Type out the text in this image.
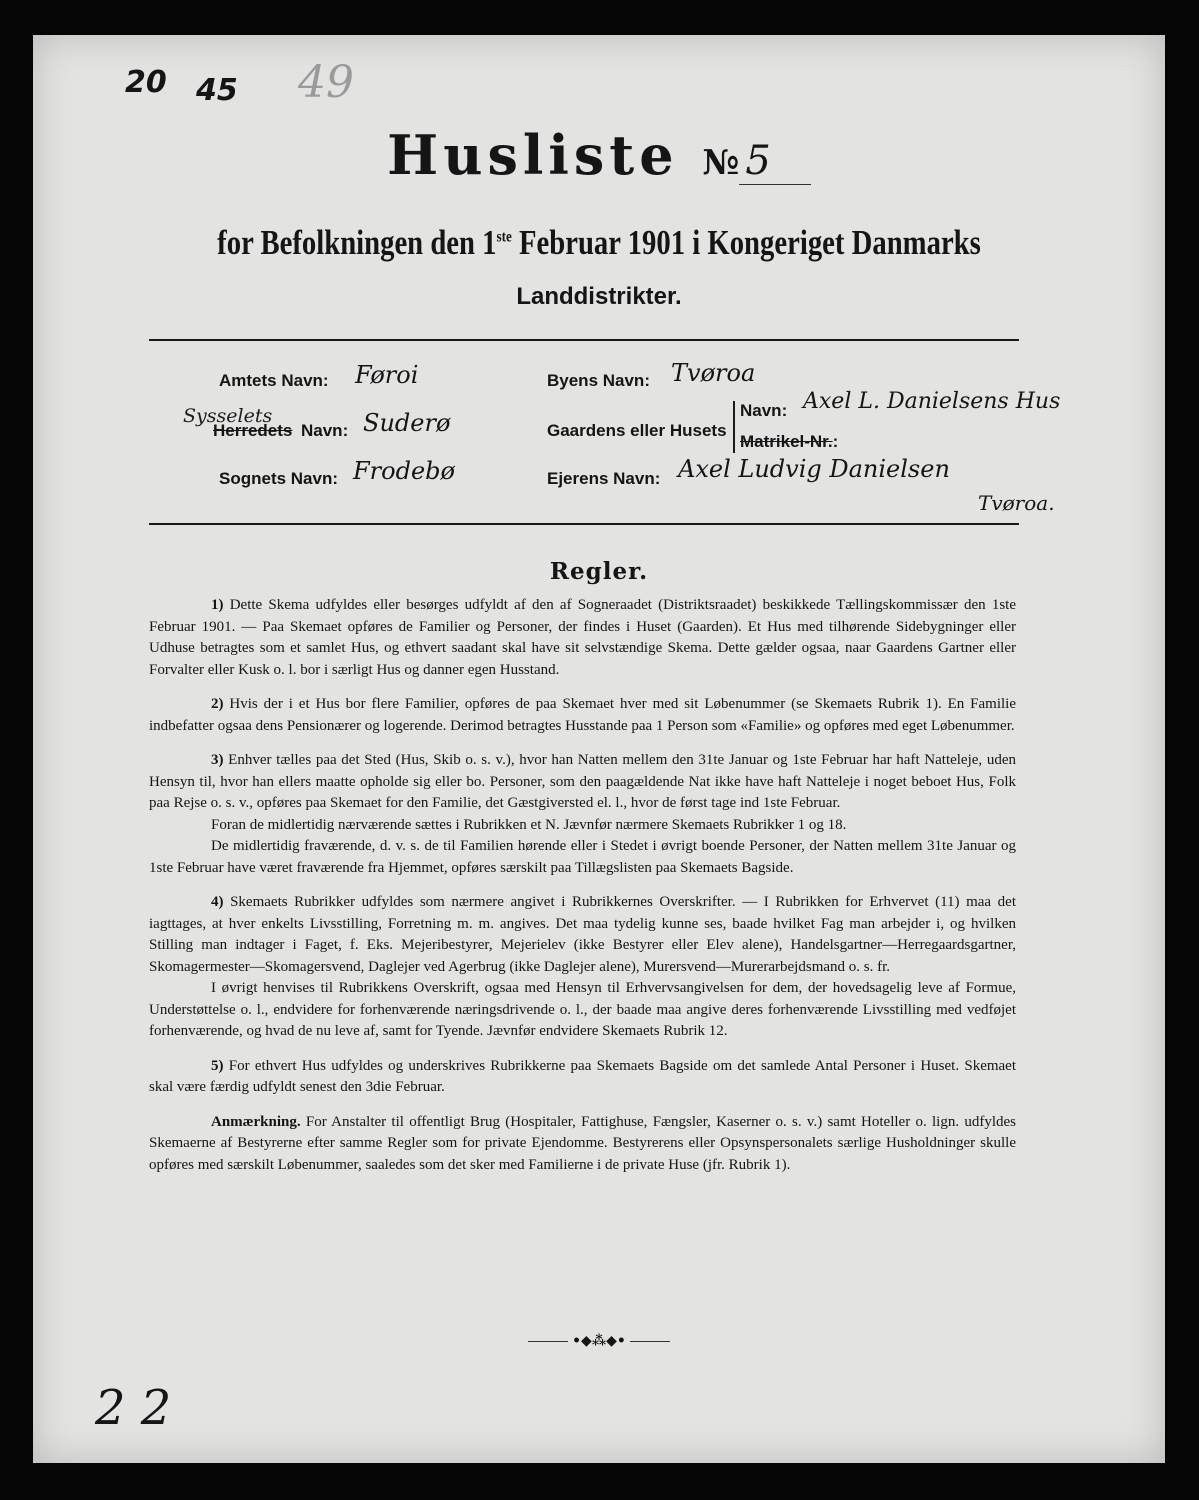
20 45 49
Husliste № 5
for Befolkningen den 1ste Februar 1901 i Kongeriget Danmarks
Landdistrikter.
Amtets Navn: Føroi
Sysselets
Herredets Navn: Suderø
Sognets Navn: Frodebø
Byens Navn: Tvøroa
Gaardens eller Husets
Navn: Axel L. Danielsens Hus
Matrikel-Nr.:
Ejerens Navn: Axel Ludvig Danielsen
Tvøroa.
Regler.

1) Dette Skema udfyldes eller besørges udfyldt af den af Sogneraadet (Distriktsraadet) beskikkede Tællingskommissær den 1ste Februar 1901. — Paa Skemaet opføres de Familier og Personer, der findes i Huset (Gaarden). Et Hus med tilhørende Sidebygninger eller Udhuse betragtes som et samlet Hus, og ethvert saadant skal have sit selvstændige Skema. Dette gælder ogsaa, naar Gaardens Gartner eller Forvalter eller Kusk o. l. bor i særligt Hus og danner egen Husstand.

2) Hvis der i et Hus bor flere Familier, opføres de paa Skemaet hver med sit Løbenummer (se Skemaets Rubrik 1). En Familie indbefatter ogsaa dens Pensionærer og logerende. Derimod betragtes Husstande paa 1 Person som «Familie» og opføres med eget Løbenummer.

3) Enhver tælles paa det Sted (Hus, Skib o. s. v.), hvor han Natten mellem den 31te Januar og 1ste Februar har haft Natteleje, uden Hensyn til, hvor han ellers maatte opholde sig eller bo. Personer, som den paagældende Nat ikke have haft Natteleje i noget beboet Hus, Folk paa Rejse o. s. v., opføres paa Skemaet for den Familie, det Gæstgiversted el. l., hvor de først tage ind 1ste Februar.

Foran de midlertidig nærværende sættes i Rubrikken et N. Jævnfør nærmere Skemaets Rubrikker 1 og 18.

De midlertidig fraværende, d. v. s. de til Familien hørende eller i Stedet i øvrigt boende Personer, der Natten mellem 31te Januar og 1ste Februar have været fraværende fra Hjemmet, opføres særskilt paa Tillægslisten paa Skemaets Bagside.

4) Skemaets Rubrikker udfyldes som nærmere angivet i Rubrikkernes Overskrifter. — I Rubrikken for Erhvervet (11) maa det iagttages, at hver enkelts Livsstilling, Forretning m. m. angives. Det maa tydelig kunne ses, baade hvilket Fag man arbejder i, og hvilken Stilling man indtager i Faget, f. Eks. Mejeribestyrer, Mejerielev (ikke Bestyrer eller Elev alene), Handelsgartner—Herregaardsgartner, Skomagermester—Skomagersvend, Daglejer ved Agerbrug (ikke Daglejer alene), Murersvend—Murerarbejdsmand o. s. fr.

I øvrigt henvises til Rubrikkens Overskrift, ogsaa med Hensyn til Erhvervsangivelsen for dem, der hovedsagelig leve af Formue, Understøttelse o. l., endvidere for forhenværende næringsdrivende o. l., der baade maa angive deres forhenværende Livsstilling med vedføjet forhenværende, og hvad de nu leve af, samt for Tyende. Jævnfør endvidere Skemaets Rubrik 12.

5) For ethvert Hus udfyldes og underskrives Rubrikkerne paa Skemaets Bagside om det samlede Antal Personer i Huset. Skemaet skal være færdig udfyldt senest den 3die Februar.

Anmærkning. For Anstalter til offentligt Brug (Hospitaler, Fattighuse, Fængsler, Kaserner o. s. v.) samt Hoteller o. lign. udfyldes Skemaerne af Bestyrerne efter samme Regler som for private Ejendomme. Bestyrerens eller Opsynspersonalets særlige Husholdninger skulle opføres med særskilt Løbenummer, saaledes som det sker med Familierne i de private Huse (jfr. Rubrik 1).

•◆⁂◆•
2 2
